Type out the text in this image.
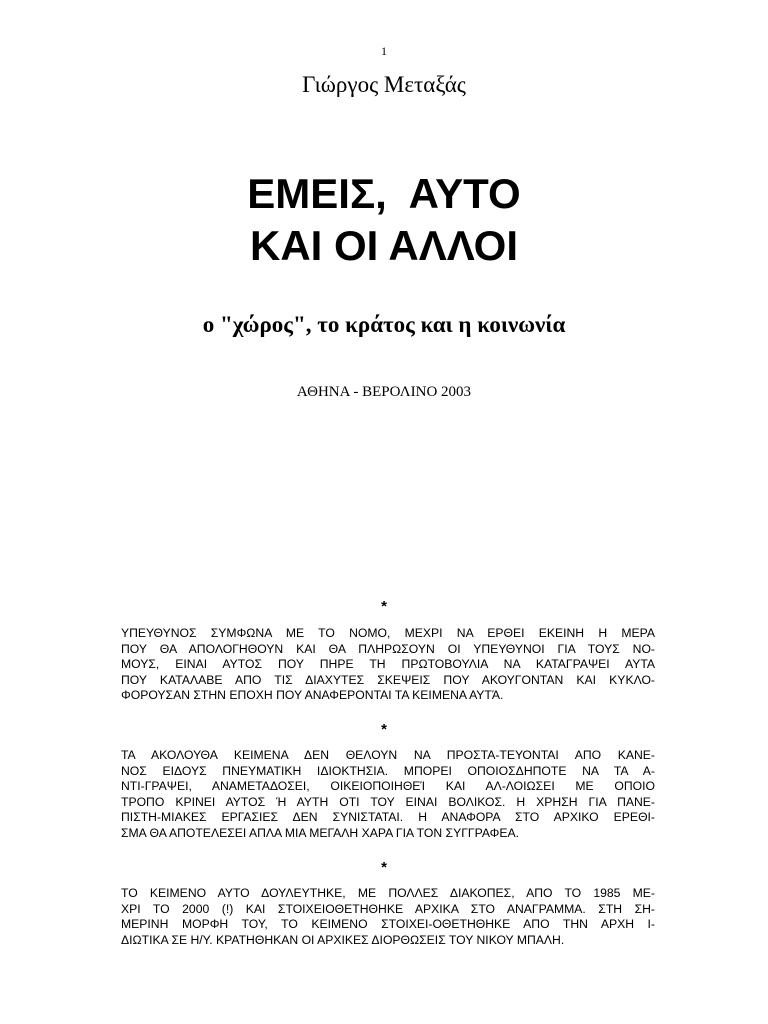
1
Γιώργος Μεταξάς
ΕΜΕΙΣ,  ΑΥΤΟ
ΚΑΙ ΟΙ ΑΛΛΟΙ
ο "χώρος", το κράτος και η κοινωνία
ΑΘΗΝΑ - ΒΕΡΟΛΙΝΟ 2003
*
ΥΠΕΥΘΥΝΟΣ ΣΥΜΦΩΝΑ ΜΕ ΤΟ ΝΟΜΟ, ΜΕΧΡΙ ΝΑ ΕΡΘΕΙ ΕΚΕΙΝΗ Η ΜΕΡΑ
ΠΟΥ ΘΑ ΑΠΟΛΟΓΗΘΟΥΝ ΚΑΙ ΘΑ ΠΛΗΡΩΣΟΥΝ ΟΙ ΥΠΕΥΘΥΝΟΙ ΓΙΑ ΤΟΥΣ ΝΟ-
ΜΟΥΣ, ΕΙΝΑΙ ΑΥΤΟΣ ΠΟΥ ΠΗΡΕ ΤΗ ΠΡΩΤΟΒΟΥΛΙΑ ΝΑ ΚΑΤΑΓΡΑΨΕΙ ΑΥΤΑ
ΠΟΥ ΚΑΤΑΛΑΒΕ ΑΠΟ ΤΙΣ ΔΙΑΧΥΤΕΣ ΣΚΕΨΕΙΣ ΠΟΥ ΑΚΟΥΓΟΝΤΑΝ ΚΑΙ ΚΥΚΛΟ-
ΦΟΡΟΥΣΑΝ ΣΤΗΝ ΕΠΟΧΗ ΠΟΥ ΑΝΑΦΕΡΟΝΤΑΙ ΤΑ ΚΕΙΜΕΝΑ ΑΥΤΆ.
*
ΤΑ ΑΚΟΛΟΥΘΑ ΚΕΙΜΕΝΑ ΔΕΝ ΘΕΛΟΥΝ ΝΑ ΠΡΟΣΤΑ-ΤΕΥΟΝΤΑΙ ΑΠΟ ΚΑΝΕ-
ΝΟΣ ΕΙΔΟΥΣ ΠΝΕΥΜΑΤΙΚΗ ΙΔΙΟΚΤΗΣΙΑ. ΜΠΟΡΕΙ ΟΠΟΙΟΣΔΗΠΟΤΕ ΝΑ ΤΑ Α-
ΝΤΙ-ΓΡΑΨΕΙ, ΑΝΑΜΕΤΑΔΟΣΕΙ, ΟΙΚΕΙΟΠΟΙΗΘΕΊ ΚΑΙ ΑΛ-ΛΟΙΩΣΕΙ ΜΕ ΟΠΟΙΟ
ΤΡΟΠΟ ΚΡΙΝΕΙ ΑΥΤΟΣ Ή ΑΥΤΗ ΟΤΙ ΤΟΥ ΕΙΝΑΙ ΒΟΛΙΚΟΣ. Η ΧΡΗΣΗ ΓΙΑ ΠΑΝΕ-
ΠΙΣΤΗ-ΜΙΑΚΕΣ ΕΡΓΑΣΙΕΣ ΔΕΝ ΣΥΝΙΣΤΑΤΑΙ. Η ΑΝΑΦΟΡΑ ΣΤΟ ΑΡΧΙΚΟ ΕΡΕΘΙ-
ΣΜΑ ΘΑ ΑΠΟΤΕΛΕΣΕΙ ΑΠΛΑ ΜΙΑ ΜΕΓΑΛΗ ΧΑΡΑ ΓΙΑ ΤΟΝ ΣΥΓΓΡΑΦΕΑ.
*
ΤΟ ΚΕΙΜΕΝΟ ΑΥΤΟ ΔΟΥΛΕΥΤΗΚΕ, ΜΕ ΠΟΛΛΕΣ ΔΙΑΚΟΠΕΣ, ΑΠΟ ΤΟ 1985 ΜΕ-
ΧΡΙ ΤΟ 2000 (!) ΚΑΙ ΣΤΟΙΧΕΙΟΘΕΤΗΘΗΚΕ ΑΡΧΙΚΑ ΣΤΟ ΑΝΑΓΡΑΜΜΑ. ΣΤΗ ΣΗ-
ΜΕΡΙΝΗ ΜΟΡΦΗ ΤΟΥ, ΤΟ ΚΕΙΜΕΝΟ ΣΤΟΙΧΕΙ-ΟΘΕΤΗΘΗΚΕ ΑΠΟ ΤΗΝ ΑΡΧΗ Ι-
ΔΙΩΤΙΚΑ ΣΕ Η/Υ. ΚΡΑΤΗΘΗΚΑΝ ΟΙ ΑΡΧΙΚΕΣ ΔΙΟΡΘΩΣΕΙΣ ΤΟΥ ΝΙΚΟΥ ΜΠΑΛΗ.
